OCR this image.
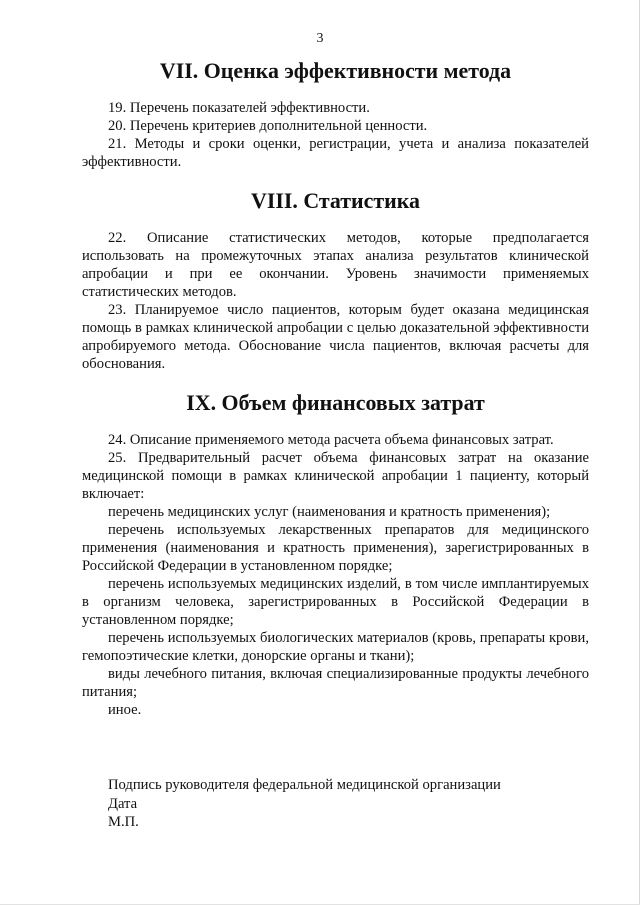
3
VII. Оценка эффективности метода

19. Перечень показателей эффективности.

20. Перечень критериев дополнительной ценности.

21. Методы и сроки оценки, регистрации, учета и анализа показателей эффективности.

VIII. Статистика

22. Описание статистических методов, которые предполагается использовать на промежуточных этапах анализа результатов клинической апробации и при ее окончании. Уровень значимости применяемых статистических методов.

23. Планируемое число пациентов, которым будет оказана медицинская помощь в рамках клинической апробации с целью доказательной эффективности апробируемого метода. Обоснование числа пациентов, включая расчеты для обоснования.

IX. Объем финансовых затрат

24. Описание применяемого метода расчета объема финансовых затрат.

25. Предварительный расчет объема финансовых затрат на оказание медицинской помощи в рамках клинической апробации 1 пациенту, который включает:

перечень медицинских услуг (наименования и кратность применения);

перечень используемых лекарственных препаратов для медицинского применения (наименования и кратность применения), зарегистрированных в Российской Федерации в установленном порядке;

перечень используемых медицинских изделий, в том числе имплантируемых в организм человека, зарегистрированных в Российской Федерации в установленном порядке;

перечень используемых биологических материалов (кровь, препараты крови, гемопоэтические клетки, донорские органы и ткани);

виды лечебного питания, включая специализированные продукты лечебного питания;

иное.

Подпись руководителя федеральной медицинской организации
Дата
М.П.
